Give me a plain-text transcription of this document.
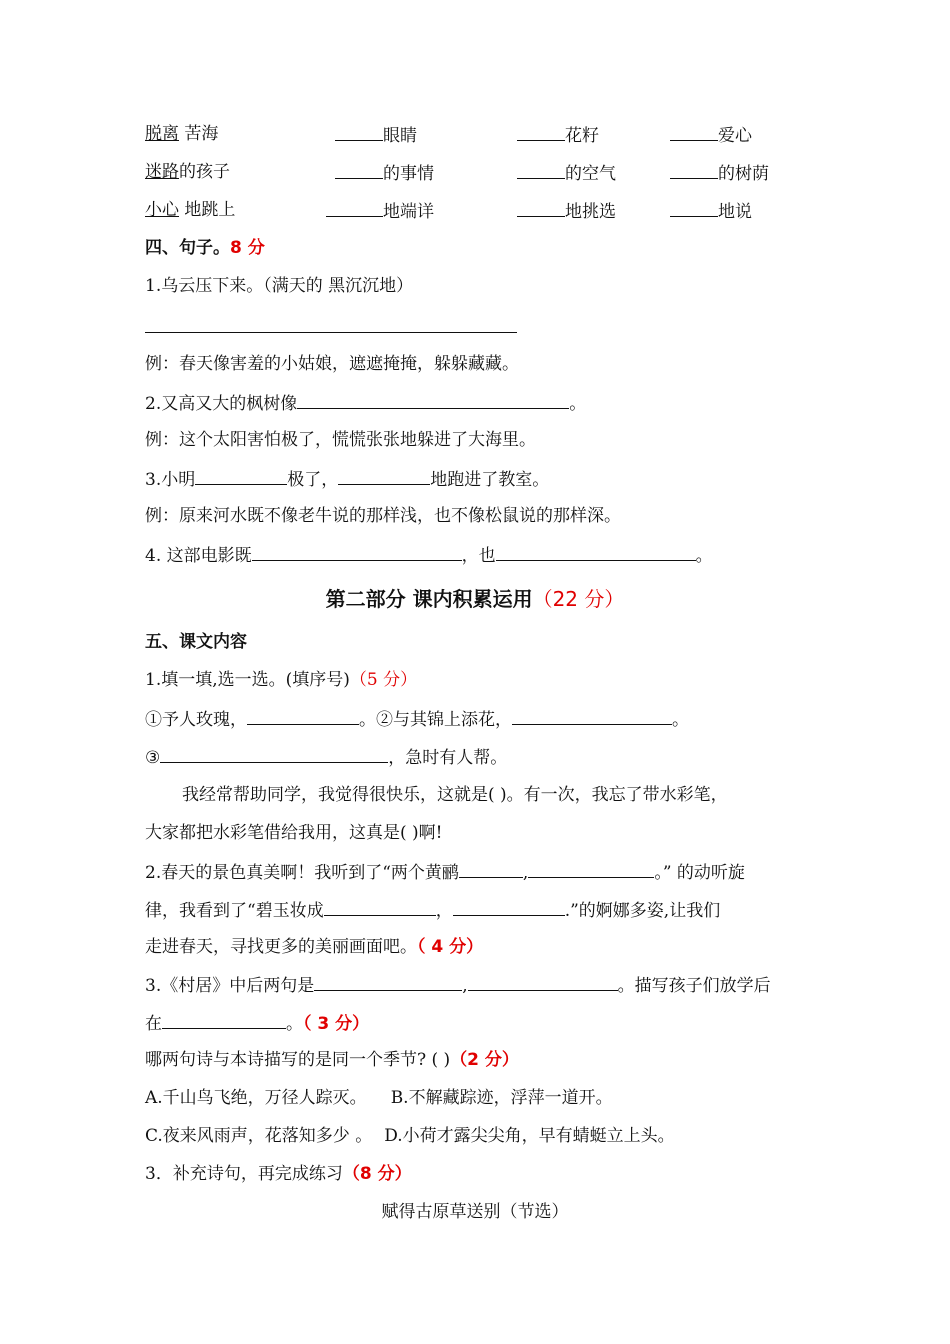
脱离 苦海	眼睛	花籽	爱心
迷路的孩子	的事情	的空气	的树荫
小心 地跳上	地端详	地挑选	地说
四、句子。8 分
1.乌云压下来。（满天的 黑沉沉地）
例：春天像害羞的小姑娘，遮遮掩掩，躲躲藏藏。
2.又高又大的枫树像	。
例：这个太阳害怕极了，慌慌张张地躲进了大海里。
3.小明	极了，	地跑进了教室。
例：原来河水既不像老牛说的那样浅，也不像松鼠说的那样深。
4. 这部电影既	，也	。
第二部分 课内积累运用（22 分）
五、课文内容
1.填一填,选一选。(填序号)（5 分）
①予人玫瑰，	。②与其锦上添花，	。
③	，急时有人帮。
我经常帮助同学，我觉得很快乐，这就是( )。有一次，我忘了带水彩笔，
大家都把水彩笔借给我用，这真是( )啊!
2.春天的景色真美啊！我听到了“两个黄鹂	,	。” 的动听旋
律，我看到了“碧玉妆成	，	.”的婀娜多姿,让我们
走进春天，寻找更多的美丽画面吧。（ 4 分）
3.《村居》中后两句是	,	。描写孩子们放学后
在	。（ 3 分）
哪两句诗与本诗描写的是同一个季节? ( )（2 分）
A.千山鸟飞绝，万径人踪灭。 B.不解藏踪迹，浮萍一道开。
C.夜来风雨声，花落知多少 。 D.小荷才露尖尖角，早有蜻蜓立上头。
3．补充诗句，再完成练习（8 分）
赋得古原草送别（节选）
